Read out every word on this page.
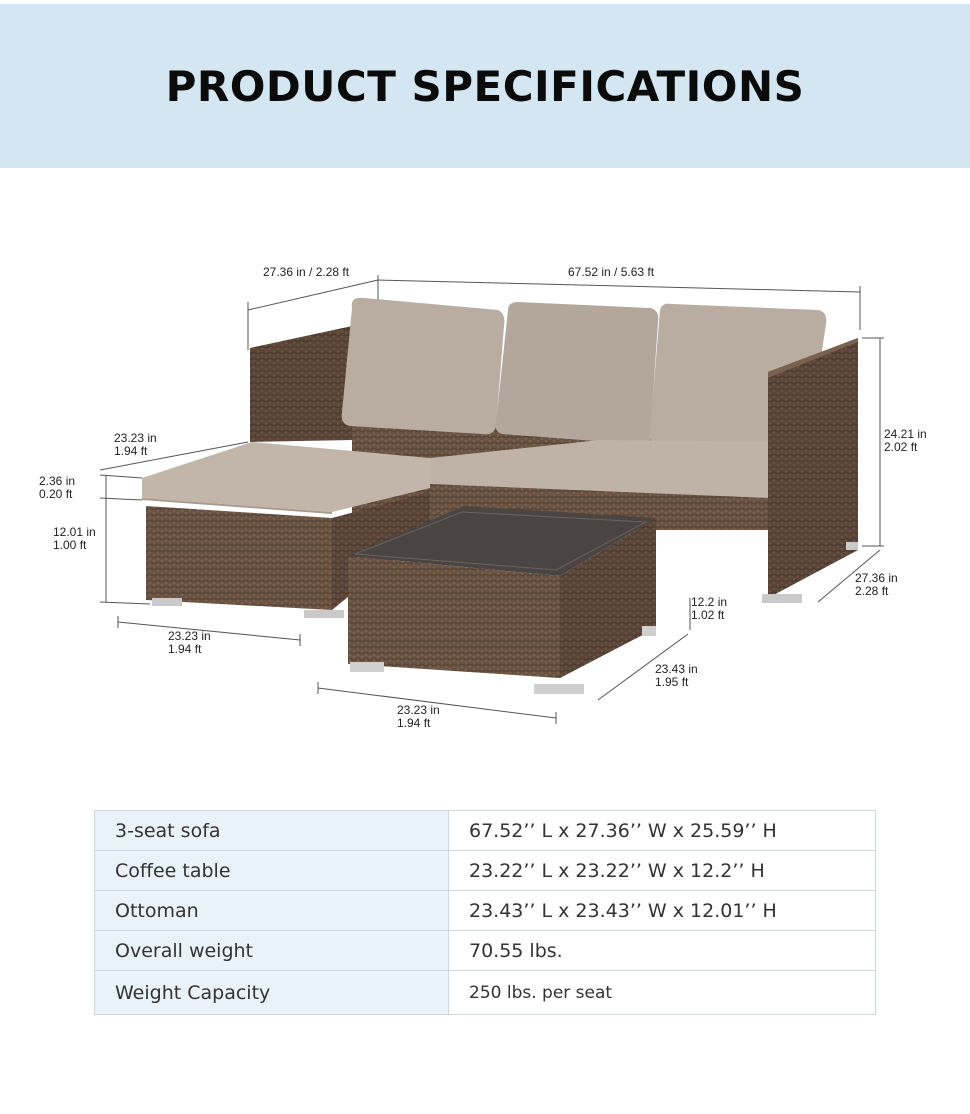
PRODUCT SPECIFICATIONS
27.36 in / 2.28 ft	67.52 in / 5.63 ft
24.21 in
2.02 ft
27.36 in
2.28 ft
23.23 in
1.94 ft
2.36 in
0.20 ft
12.01 in
1.00 ft
23.23 in
1.94 ft
12.2 in
1.02 ft
23.43 in
1.95 ft
23.23 in
1.94 ft
3-seat sofa	67.52’’ L x 27.36’’ W x 25.59’’ H
Coffee table	23.22’’ L x 23.22’’ W x 12.2’’ H
Ottoman	23.43’’ L x 23.43’’ W x 12.01’’ H
Overall weight	70.55 lbs.
Weight Capacity	250 lbs. per seat
